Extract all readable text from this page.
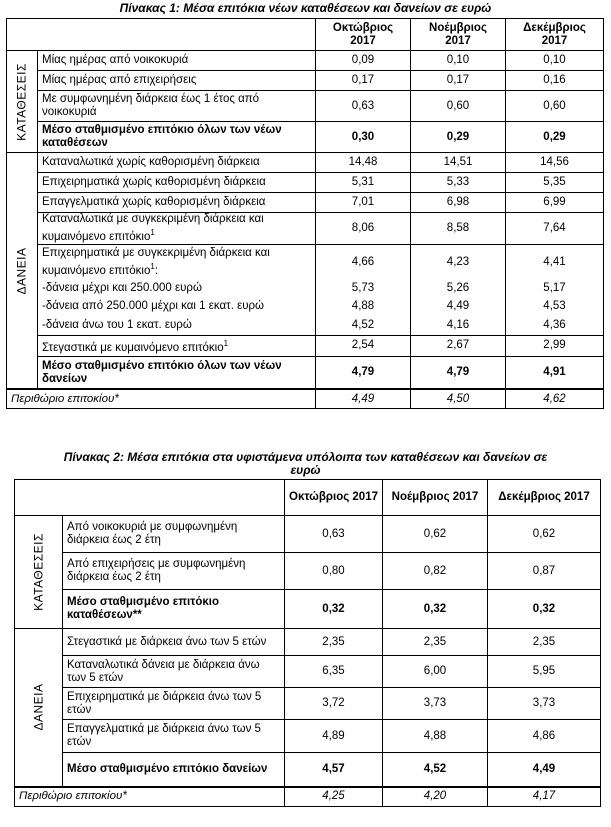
Πίνακας 1: Μέσα επιτόκια νέων καταθέσεων και δανείων σε ευρώ
		Οκτώβριος 2017	Νοέμβριος 2017	Δεκέμβριος 2017

ΚΑΤΑΘΕΣΕΙΣ	Μίας ημέρας από νοικοκυριά	0,09	0,10	0,10
	Μίας ημέρας από επιχειρήσεις	0,17	0,17	0,16
	Με συμφωνημένη διάρκεια έως 1 έτος από νοικοκυριά	0,63	0,60	0,60
	Μέσο σταθμισμένο επιτόκιο όλων των νέων καταθέσεων	0,30	0,29	0,29

ΔΑΝΕΙΑ	Καταναλωτικά χωρίς καθορισμένη διάρκεια	14,48	14,51	14,56
	Επιχειρηματικά χωρίς καθορισμένη διάρκεια	5,31	5,33	5,35
	Επαγγελματικά χωρίς καθορισμένη διάρκεια	7,01	6,98	6,99
	Καταναλωτικά με συγκεκριμένη διάρκεια και κυμαινόμενο επιτόκιο$^1$	8,06	8,58	7,64
	Επιχειρηματικά με συγκεκριμένη διάρκεια και κυμαινόμενο επιτόκιο$^1$:	4,66	4,23	4,41
	-δάνεια μέχρι και 250.000 ευρώ	5,73	5,26	5,17
	-δάνεια από 250.000 μέχρι και 1 εκατ. ευρώ	4,88	4,49	4,53
	-δάνεια άνω του 1 εκατ. ευρώ	4,52	4,16	4,36
	Στεγαστικά με κυμαινόμενο επιτόκιο$^1$	2,54	2,67	2,99
	Μέσο σταθμισμένο επιτόκιο όλων των νέων δανείων	4,79	4,79	4,91
Περιθώριο επιτοκίου*		4,49	4,50	4,62
Πίνακας 2: Μέσα επιτόκια στα υφιστάμενα υπόλοιπα των καταθέσεων και δανείων σε
ευρώ
		Οκτώβριος 2017	Νοέμβριος 2017	Δεκέμβριος 2017

ΚΑΤΑΘΕΣΕΙΣ	Από νοικοκυριά με συμφωνημένη διάρκεια έως 2 έτη	0,63	0,62	0,62
	Από επιχειρήσεις με συμφωνημένη διάρκεια έως 2 έτη	0,80	0,82	0,87
	Μέσο σταθμισμένο επιτόκιο καταθέσεων**	0,32	0,32	0,32

ΔΑΝΕΙΑ	Στεγαστικά με διάρκεια άνω των 5 ετών	2,35	2,35	2,35
	Καταναλωτικά δάνεια με διάρκεια άνω των 5 ετών	6,35	6,00	5,95
	Επιχειρηματικά με διάρκεια άνω των 5 ετών	3,72	3,73	3,73
	Επαγγελματικά με διάρκεια άνω των 5 ετών	4,89	4,88	4,86
	Μέσο σταθμισμένο επιτόκιο δανείων	4,57	4,52	4,49
Περιθώριο επιτοκίου*		4,25	4,20	4,17
